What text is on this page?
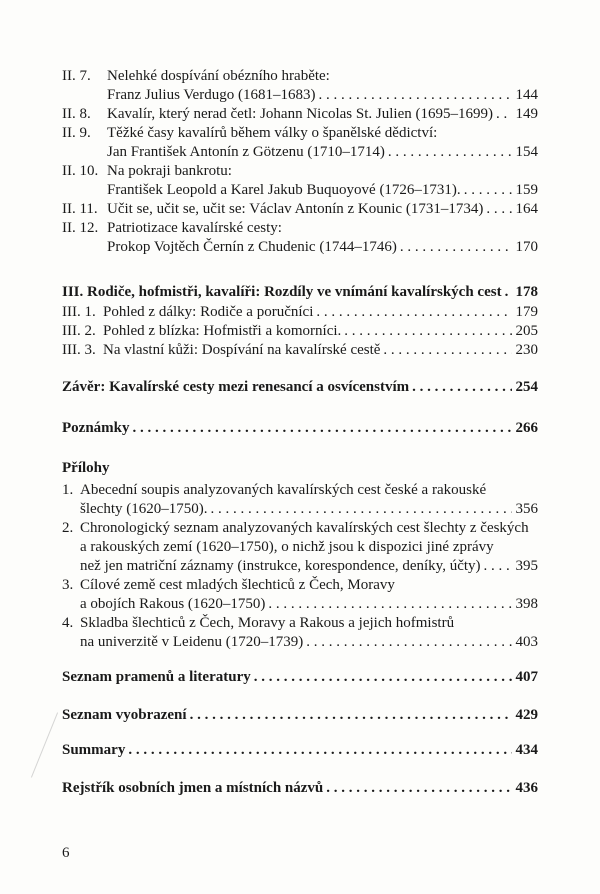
II. 7.	Nelehké dospívání obézního hraběte:
Franz Julius Verdugo (1681–1683) . . .	144
II. 8.	Kavalír, který nerad četl: Johann Nicolas St. Julien (1695–1699) . . . 149
II. 9.	Těžké časy kavalírů během války o španělské dědictví:
Jan František Antonín z Götzenu (1710–1714) . . .	154
II. 10. Na pokraji bankrotu:
František Leopold a Karel Jakub Buquoyové (1726–1731). . . .	159
II. 11. Učit se, učit se, učit se: Václav Antonín z Kounic (1731–1734) . . . 164
II. 12. Patriotizace kavalírské cesty:
Prokop Vojtěch Černín z Chudenic (1744–1746) . . .	170
III. Rodiče, hofmistři, kavalíři: Rozdíly ve vnímání kavalírských cest . . . 178
III. 1. Pohled z dálky: Rodiče a poručníci . . .	179
III. 2. Pohled z blízka: Hofmistři a komorníci. . . .	205
III. 3. Na vlastní kůži: Dospívání na kavalírské cestě . . .	230
Závěr: Kavalírské cesty mezi renesancí a osvícenstvím . . .	254
Poznámky . . .	266
Přílohy
1. Abecední soupis analyzovaných kavalírských cest české a rakouské
šlechty (1620–1750). . . .	356
2. Chronologický seznam analyzovaných kavalírských cest šlechty z českých
a rakouských zemí (1620–1750), o nichž jsou k dispozici jiné zprávy
než jen matriční záznamy (instrukce, korespondence, deníky, účty) . . . 395
3. Cílové země cest mladých šlechticů z Čech, Moravy
a obojích Rakous (1620–1750) . . .	398
4. Skladba šlechticů z Čech, Moravy a Rakous a jejich hofmistrů
na univerzitě v Leidenu (1720–1739) . . .	403
Seznam pramenů a literatury . . .	407
Seznam vyobrazení . . .	429
Summary . . .	434
Rejstřík osobních jmen a místních názvů . . .	436
6
